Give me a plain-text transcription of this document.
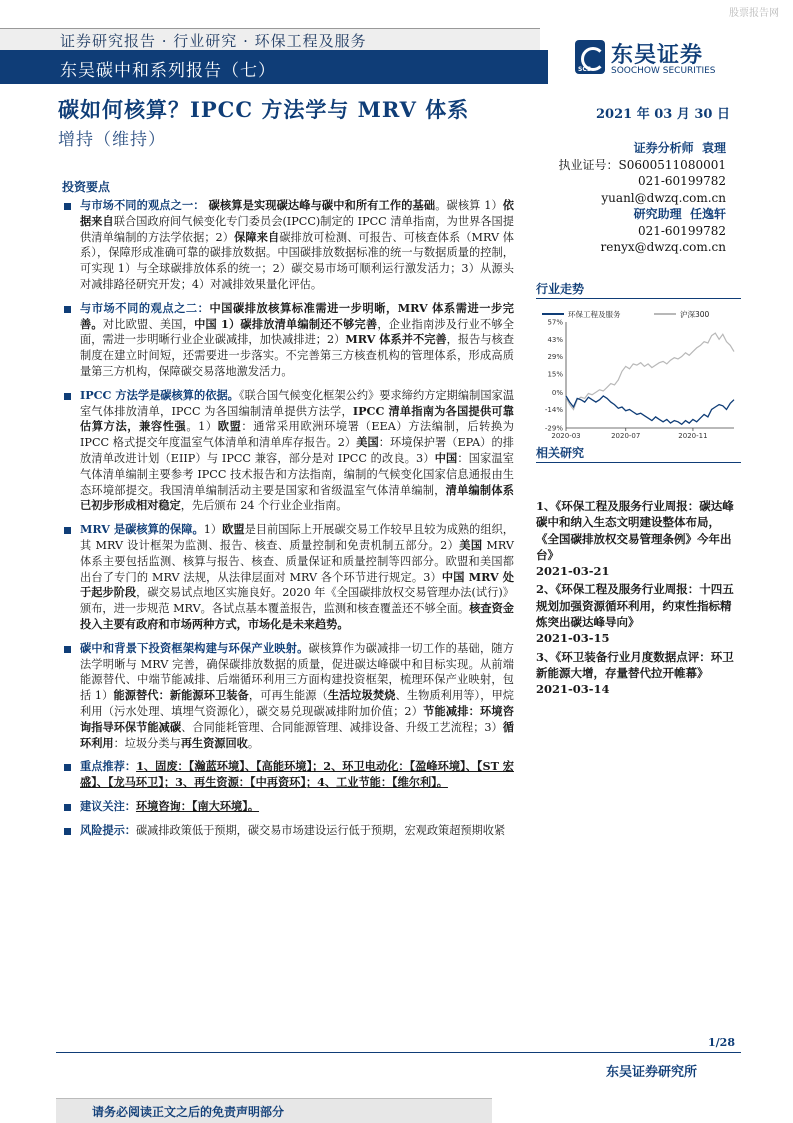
股票报告网
证券研究报告 · 行业研究 · 环保工程及服务
东吴碳中和系列报告（七）	SCS
东吴证券
SOOCHOW SECURITIES
碳如何核算？IPCC 方法学与 MRV 体系
增持（维持）
2021 年 03 月 30 日
证券分析师 袁理
执业证号：S0600511080001
021-60199782
yuanl@dwzq.com.cn
研究助理 任逸轩
021-60199782
renyx@dwzq.com.cn
投资要点

与市场不同的观点之一： 碳核算是实现碳达峰与碳中和所有工作的基础。碳核算 1）依据来自联合国政府间气候变化专门委员会(IPCC)制定的 IPCC 清单指南，为世界各国提供清单编制的方法学依据；2）保障来自碳排放可检测、可报告、可核查体系（MRV 体系），保障形成准确可靠的碳排放数据。中国碳排放数据标准的统一与数据质量的控制，可实现 1）与全球碳排放体系的统一；2）碳交易市场可顺利运行激发活力；3）从源头对减排路径研究开发；4）对减排效果量化评估。

与市场不同的观点之二：中国碳排放核算标准需进一步明晰，MRV 体系需进一步完善。对比欧盟、美国，中国 1）碳排放清单编制还不够完善，企业指南涉及行业不够全面，需进一步明晰行业企业碳减排，加快减排进；2）MRV 体系并不完善，报告与核查制度在建立时间短，还需要进一步落实。不完善第三方核查机构的管理体系，形成高质量第三方机构，保障碳交易落地激发活力。

IPCC 方法学是碳核算的依据。《联合国气候变化框架公约》要求缔约方定期编制国家温室气体排放清单，IPCC 为各国编制清单提供方法学，IPCC 清单指南为各国提供可靠估算方法，兼容性强。1）欧盟：通常采用欧洲环境署（EEA）方法编制，后转换为 IPCC 格式提交年度温室气体清单和清单库存报告。2）美国：环境保护署（EPA）的排放清单改进计划（EIIP）与 IPCC 兼容，部分是对 IPCC 的改良。3）中国：国家温室气体清单编制主要参考 IPCC 技术报告和方法指南，编制的气候变化国家信息通报由生态环境部提交。我国清单编制活动主要是国家和省级温室气体清单编制，清单编制体系已初步形成相对稳定，先后颁布 24 个行业企业指南。

MRV 是碳核算的保障。1）欧盟是目前国际上开展碳交易工作较早且较为成熟的组织，其 MRV 设计框架为监测、报告、核查、质量控制和免责机制五部分。2）美国 MRV 体系主要包括监测、核算与报告、核查、质量保证和质量控制等四部分。欧盟和美国都出台了专门的 MRV 法规，从法律层面对 MRV 各个环节进行规定。3）中国 MRV 处于起步阶段，碳交易试点地区实施良好。2020 年《全国碳排放权交易管理办法(试行)》颁布，进一步规范 MRV。各试点基本覆盖报告，监测和核查覆盖还不够全面。核查资金投入主要有政府和市场两种方式，市场化是未来趋势。

碳中和背景下投资框架构建与环保产业映射。碳核算作为碳减排一切工作的基础，随方法学明晰与 MRV 完善，确保碳排放数据的质量，促进碳达峰碳中和目标实现。从前端能源替代、中端节能减排、后端循环利用三方面构建投资框架，梳理环保产业映射，包括 1）能源替代：新能源环卫装备，可再生能源（生活垃圾焚烧、生物质利用等），甲烷利用（污水处理、填埋气资源化），碳交易兑现碳减排附加价值；2）节能减排：环境咨询指导环保节能减碳、合同能耗管理、合同能源管理、减排设备、升级工艺流程；3）循环利用：垃圾分类与再生资源回收。

重点推荐：1、固废：【瀚蓝环境】、【高能环境】；2、环卫电动化：【盈峰环境】、【ST 宏盛】、【龙马环卫】；3、再生资源：【中再资环】；4、工业节能：【维尔利】。

建议关注：环境咨询：【南大环境】。

风险提示：碳减排政策低于预期，碳交易市场建设运行低于预期，宏观政策超预期收紧

行业走势
环保工程及服务	沪深300
57%
43%
29%
15%
0%
-14%
-29%
2020-03	2020-07	2020-11
相关研究

1、《环保工程及服务行业周报：碳达峰碳中和纳入生态文明建设整体布局，《全国碳排放权交易管理条例》今年出台》
2021-03-21

2、《环保工程及服务行业周报：十四五规划加强资源循环利用，约束性指标精炼突出碳达峰导向》
2021-03-15

3、《环卫装备行业月度数据点评：环卫新能源大增，存量替代拉开帷幕》
2021-03-14

1/28
东吴证券研究所
请务必阅读正文之后的免责声明部分
